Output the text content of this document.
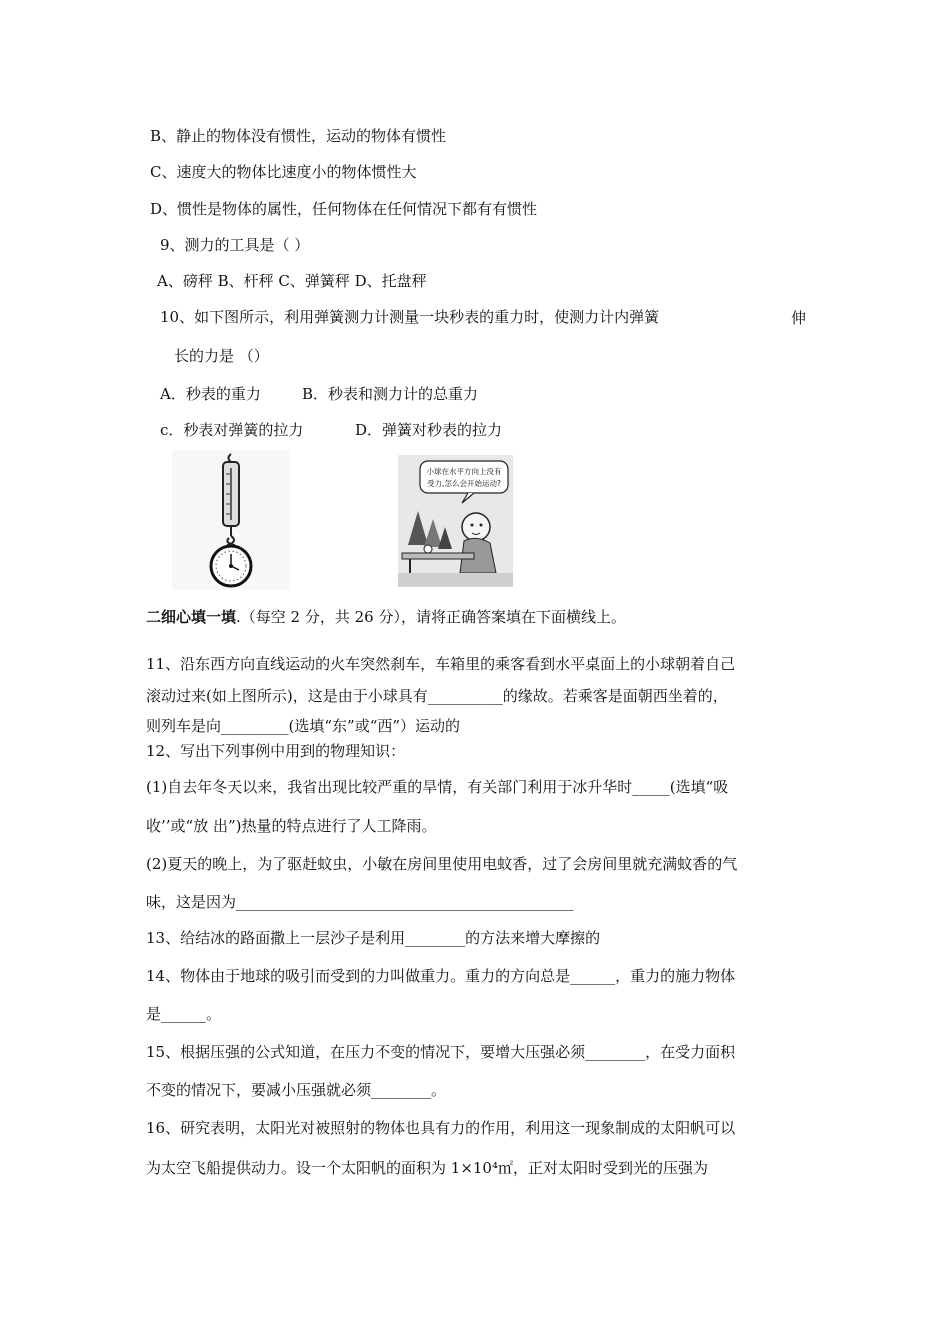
B、静止的物体没有惯性，运动的物体有惯性
C、速度大的物体比速度小的物体惯性大
D、惯性是物体的属性，任何物体在任何情况下都有有惯性
9、测力的工具是（ ）
A、磅秤 B、杆秤 C、弹簧秤 D、托盘秤
10、如下图所示，利用弹簧测力计测量一块秒表的重力时，使测力计内弹簧	伸
长的力是 （）
A．秒表的重力	B．秒表和测力计的总重力
c．秒表对弹簧的拉力	D．弹簧对秒表的拉力
小球在水平方向上没有
受力,怎么会开始运动?
二细心填一填.（每空 2 分，共 26 分），请将正确答案填在下面横线上。
11、沿东西方向直线运动的火车突然刹车，车箱里的乘客看到水平桌面上的小球朝着自己
滚动过来(如上图所示)，这是由于小球具有__________的缘故。若乘客是面朝西坐着的，
则列车是向_________(选填“东”或“西”）运动的
12、写出下列事例中用到的物理知识：
(1)自去年冬天以来，我省出现比较严重的旱情，有关部门利用于冰升华时_____(选填“吸
收’’或“放 出”)热量的特点进行了人工降雨。
(2)夏天的晚上，为了驱赶蚊虫，小敏在房间里使用电蚊香，过了会房间里就充满蚊香的气
味，这是因为_____________________________________________
13、给结冰的路面撒上一层沙子是利用________的方法来增大摩擦的
14、物体由于地球的吸引而受到的力叫做重力。重力的方向总是______，重力的施力物体
是______。
15、根据压强的公式知道，在压力不变的情况下，要增大压强必须________，在受力面积
不变的情况下，要减小压强就必须________。
16、研究表明，太阳光对被照射的物体也具有力的作用，利用这一现象制成的太阳帆可以
为太空飞船提供动力。设一个太阳帆的面积为 1×10⁴㎡，正对太阳时受到光的压强为
